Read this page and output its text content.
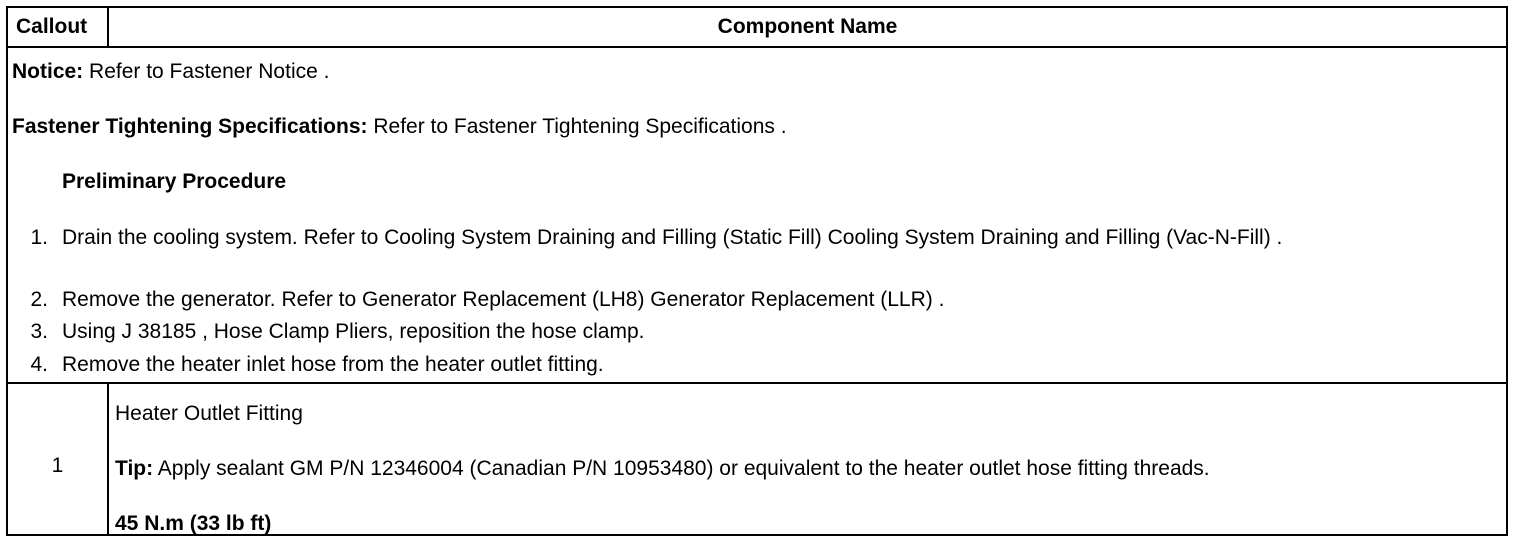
Callout	Component Name
Notice: Refer to Fastener Notice .
Fastener Tightening Specifications: Refer to Fastener Tightening Specifications .
Preliminary Procedure
1. Drain the cooling system. Refer to Cooling System Draining and Filling (Static Fill) Cooling System Draining and Filling (Vac-N-Fill) .
2. Remove the generator. Refer to Generator Replacement (LH8) Generator Replacement (LLR) .
3. Using J 38185 , Hose Clamp Pliers, reposition the hose clamp.
4. Remove the heater inlet hose from the heater outlet fitting.
1
Heater Outlet Fitting
Tip: Apply sealant GM P/N 12346004 (Canadian P/N 10953480) or equivalent to the heater outlet hose fitting threads.
45 N.m (33 lb ft)
